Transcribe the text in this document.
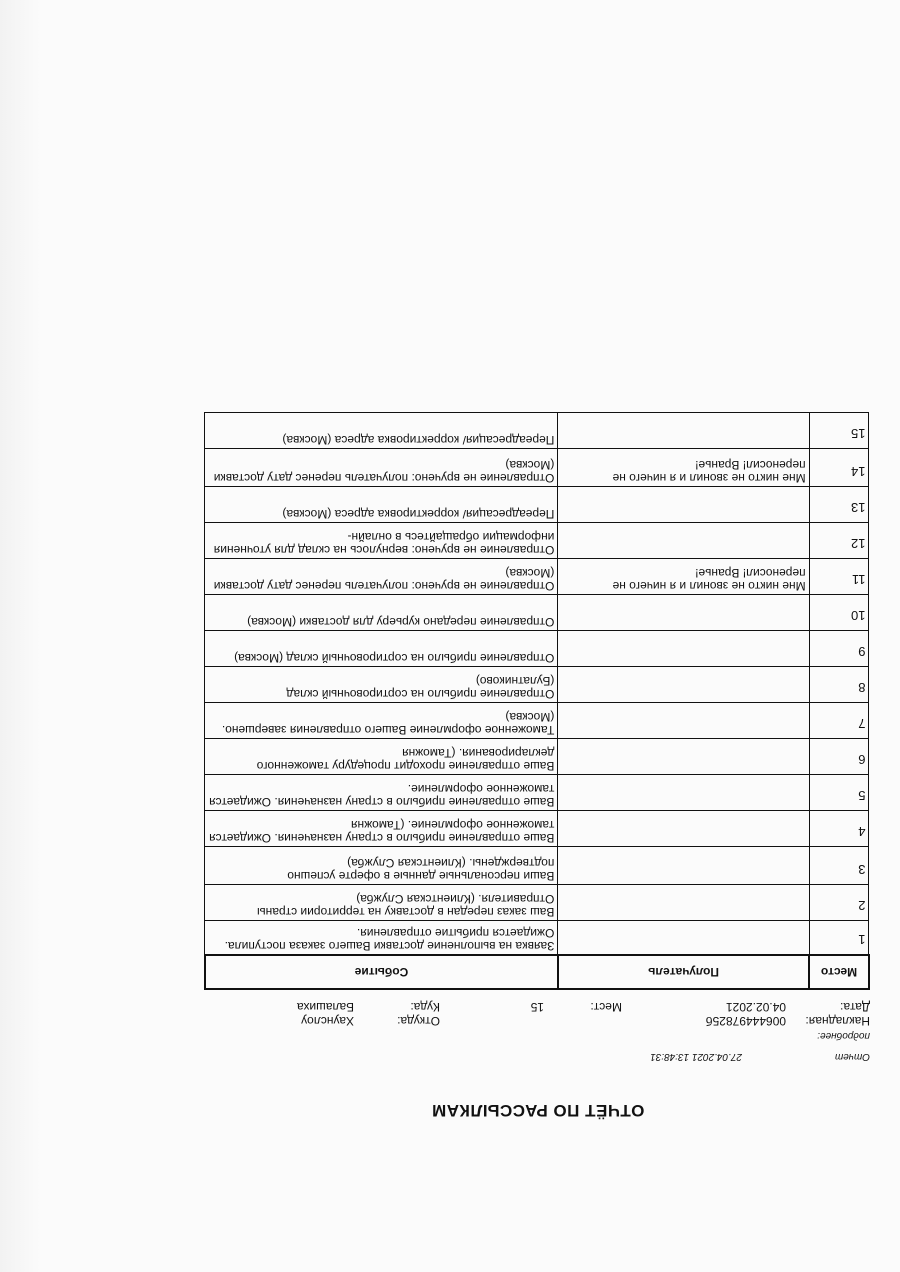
ОТЧЁТ ПО РАССЫЛКАМ
Отчет
27.04.2021 13:48:31
подробнее:
Накладная:
00644497825б
Откуда:
Хаунслоу
Дата:
04.02.2021
Мест:
15
Куда:
Балашиха
Место	Получатель	Событие
1		Заявка на выполнение доставки Вашего заказа поступила. Ожидается прибытие отправления.
2		Ваш заказ передан в доставку на территории страны Отправителя. (Клиентская Служба)
3		Ваши персональные данные в оферте успешно подтверждены. (Клиентская Служба)
4		Ваше отправление прибыло в страну назначения. Ожидается таможенное оформление. (Таможня
5		Ваше отправление прибыло в страну назначения. Ожидается таможенное оформление.
6		Ваше отправление проходит процедуру таможенного декларирования. (Таможня
7		Таможенное оформление Вашего отправления завершено. (Москва)
8		Отправление прибыло на сортировочный склад (Булатниково)
9		Отправление прибыло на сортировочный склад (Москва)
10		Отправление передано курьеру для доставки (Москва)
11	Мне никто не звонил и я ничего не переносил! Вранье!	Отправление не вручено: получатель перенес дату доставки (Москва)
12		Отправление не вручено: вернулось на склад для уточнения информации обращайтесь в онлайн-
13		Переадресация/ корректировка адреса (Москва)
14	Мне никто не звонил и я ничего не переносил! Вранье!	Отправление не вручено: получатель перенес дату доставки (Москва)
15		Переадресация/ корректировка адреса (Москва)
